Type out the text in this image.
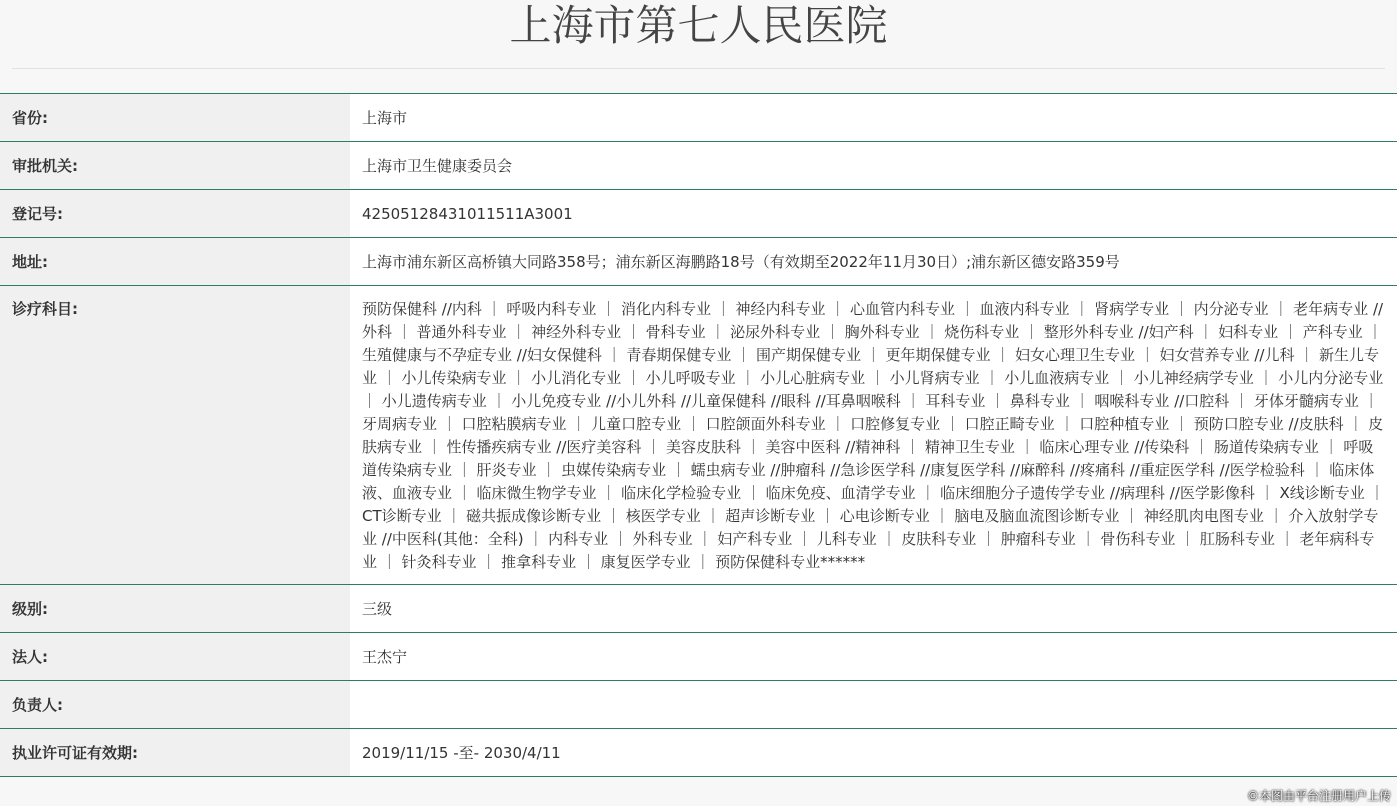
上海市第七人民医院
省份:	上海市

审批机关:	上海市卫生健康委员会

登记号:	42505128431011511A3001

地址:	上海市浦东新区高桥镇大同路358号；浦东新区海鹏路18号（有效期至2022年11月30日）;浦东新区德安路359号

诊疗科目:	预防保健科 //内科 ｜ 呼吸内科专业 ｜ 消化内科专业 ｜ 神经内科专业 ｜ 心血管内科专业 ｜ 血液内科专业 ｜ 肾病学专业 ｜ 内分泌专业 ｜ 老年病专业 //外科 ｜ 普通外科专业 ｜ 神经外科专业 ｜ 骨科专业 ｜ 泌尿外科专业 ｜ 胸外科专业 ｜ 烧伤科专业 ｜ 整形外科专业 //妇产科 ｜ 妇科专业 ｜ 产科专业 ｜ 生殖健康与不孕症专业 //妇女保健科 ｜ 青春期保健专业 ｜ 围产期保健专业 ｜ 更年期保健专业 ｜ 妇女心理卫生专业 ｜ 妇女营养专业 //儿科 ｜ 新生儿专业 ｜ 小儿传染病专业 ｜ 小儿消化专业 ｜ 小儿呼吸专业 ｜ 小儿心脏病专业 ｜ 小儿肾病专业 ｜ 小儿血液病专业 ｜ 小儿神经病学专业 ｜ 小儿内分泌专业 ｜ 小儿遗传病专业 ｜ 小儿免疫专业 //小儿外科 //儿童保健科 //眼科 //耳鼻咽喉科 ｜ 耳科专业 ｜ 鼻科专业 ｜ 咽喉科专业 //口腔科 ｜ 牙体牙髓病专业 ｜ 牙周病专业 ｜ 口腔粘膜病专业 ｜ 儿童口腔专业 ｜ 口腔颌面外科专业 ｜ 口腔修复专业 ｜ 口腔正畸专业 ｜ 口腔种植专业 ｜ 预防口腔专业 //皮肤科 ｜ 皮肤病专业 ｜ 性传播疾病专业 //医疗美容科 ｜ 美容皮肤科 ｜ 美容中医科 //精神科 ｜ 精神卫生专业 ｜ 临床心理专业 //传染科 ｜ 肠道传染病专业 ｜ 呼吸道传染病专业 ｜ 肝炎专业 ｜ 虫媒传染病专业 ｜ 蠕虫病专业 //肿瘤科 //急诊医学科 //康复医学科 //麻醉科 //疼痛科 //重症医学科 //医学检验科 ｜ 临床体液、血液专业 ｜ 临床微生物学专业 ｜ 临床化学检验专业 ｜ 临床免疫、血清学专业 ｜ 临床细胞分子遗传学专业 //病理科 //医学影像科 ｜ X线诊断专业 ｜ CT诊断专业 ｜ 磁共振成像诊断专业 ｜ 核医学专业 ｜ 超声诊断专业 ｜ 心电诊断专业 ｜ 脑电及脑血流图诊断专业 ｜ 神经肌肉电图专业 ｜ 介入放射学专业 //中医科(其他：全科) ｜ 内科专业 ｜ 外科专业 ｜ 妇产科专业 ｜ 儿科专业 ｜ 皮肤科专业 ｜ 肿瘤科专业 ｜ 骨伤科专业 ｜ 肛肠科专业 ｜ 老年病科专业 ｜ 针灸科专业 ｜ 推拿科专业 ｜ 康复医学专业 ｜ 预防保健科专业******

级别:	三级

法人:	王杰宁

负责人:	

执业许可证有效期:	2019/11/15 -至- 2030/4/11
©本图由平台注册用户上传
